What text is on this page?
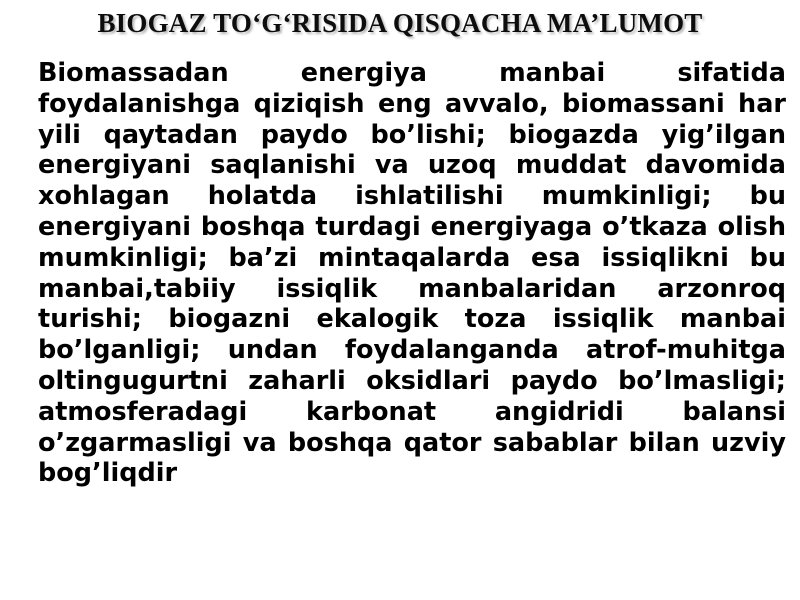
BIOGAZ TO‘G‘RISIDA QISQACHA MA’LUMOT

Biomassadan energiya manbai sifatida foydalanishga qiziqish eng avvalo, biomassani har yili qaytadan paydo bo’lishi; biogazda yig’ilgan energiyani saqlanishi va uzoq muddat davomida xohlagan holatda ishlatilishi mumkinligi; bu energiyani boshqa turdagi energiyaga o’tkaza olish mumkinligi; ba’zi mintaqalarda esa issiqlikni bu manbai,tabiiy issiqlik manbalaridan arzonroq turishi; biogazni ekalogik toza issiqlik manbai bo’lganligi; undan foydalanganda atrof-muhitga oltingugurtni zaharli oksidlari paydo bo’lmasligi; atmosferadagi karbonat angidridi balansi o’zgarmasligi va boshqa qator sabablar bilan uzviy bog’liqdir
